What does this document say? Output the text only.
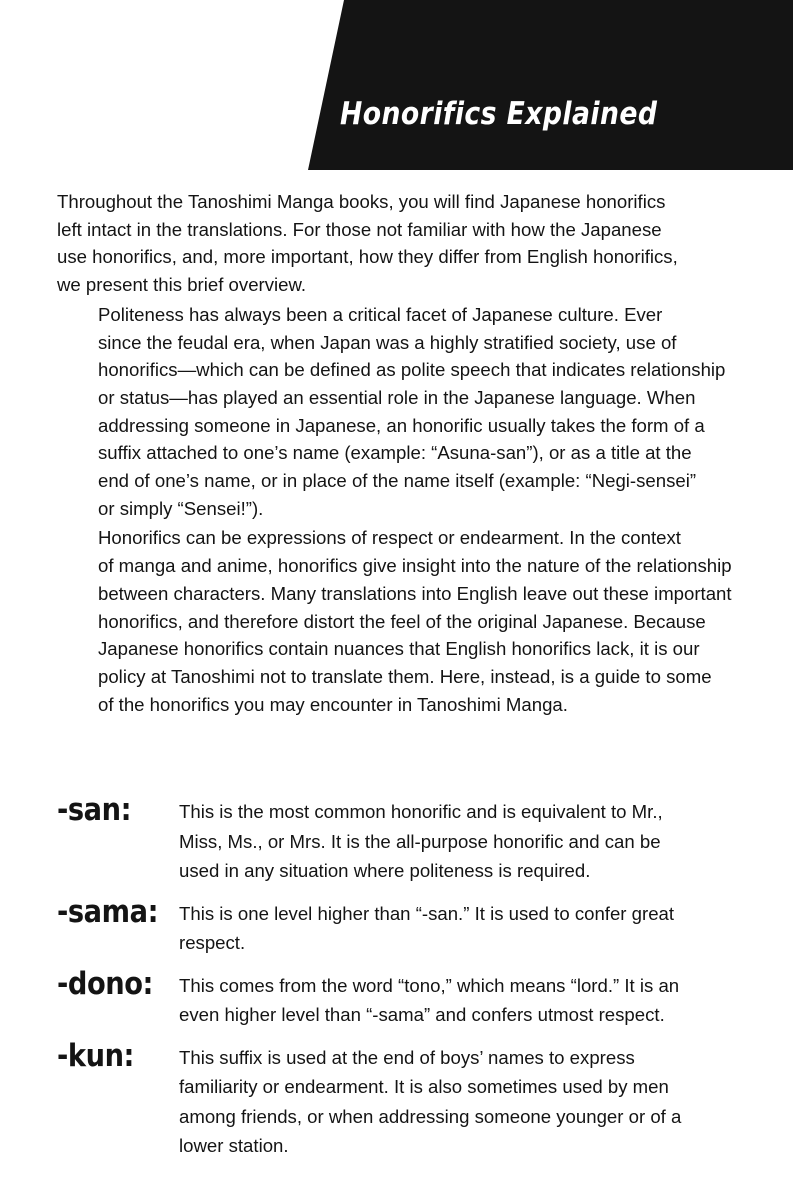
Honorifics Explained

Throughout the Tanoshimi Manga books, you will find Japanese honorifics
left intact in the translations. For those not familiar with how the Japanese
use honorifics, and, more important, how they differ from English honorifics,
we present this brief overview.

Politeness has always been a critical facet of Japanese culture. Ever
since the feudal era, when Japan was a highly stratified society, use of
honorifics—which can be defined as polite speech that indicates relationship
or status—has played an essential role in the Japanese language. When
addressing someone in Japanese, an honorific usually takes the form of a
suffix attached to one’s name (example: “Asuna-san”), or as a title at the
end of one’s name, or in place of the name itself (example: “Negi-sensei”
or simply “Sensei!”).

Honorifics can be expressions of respect or endearment. In the context
of manga and anime, honorifics give insight into the nature of the relationship
between characters. Many translations into English leave out these important
honorifics, and therefore distort the feel of the original Japanese. Because
Japanese honorifics contain nuances that English honorifics lack, it is our
policy at Tanoshimi not to translate them. Here, instead, is a guide to some
of the honorifics you may encounter in Tanoshimi Manga.

-san:	This is the most common honorific and is equivalent to Mr.,
Miss, Ms., or Mrs. It is the all-purpose honorific and can be
used in any situation where politeness is required.
-sama: This is one level higher than “-san.” It is used to confer great
respect.
-dono: This comes from the word “tono,” which means “lord.” It is an
even higher level than “-sama” and confers utmost respect.
-kun: This suffix is used at the end of boys’ names to express
familiarity or endearment. It is also sometimes used by men
among friends, or when addressing someone younger or of a
lower station.
